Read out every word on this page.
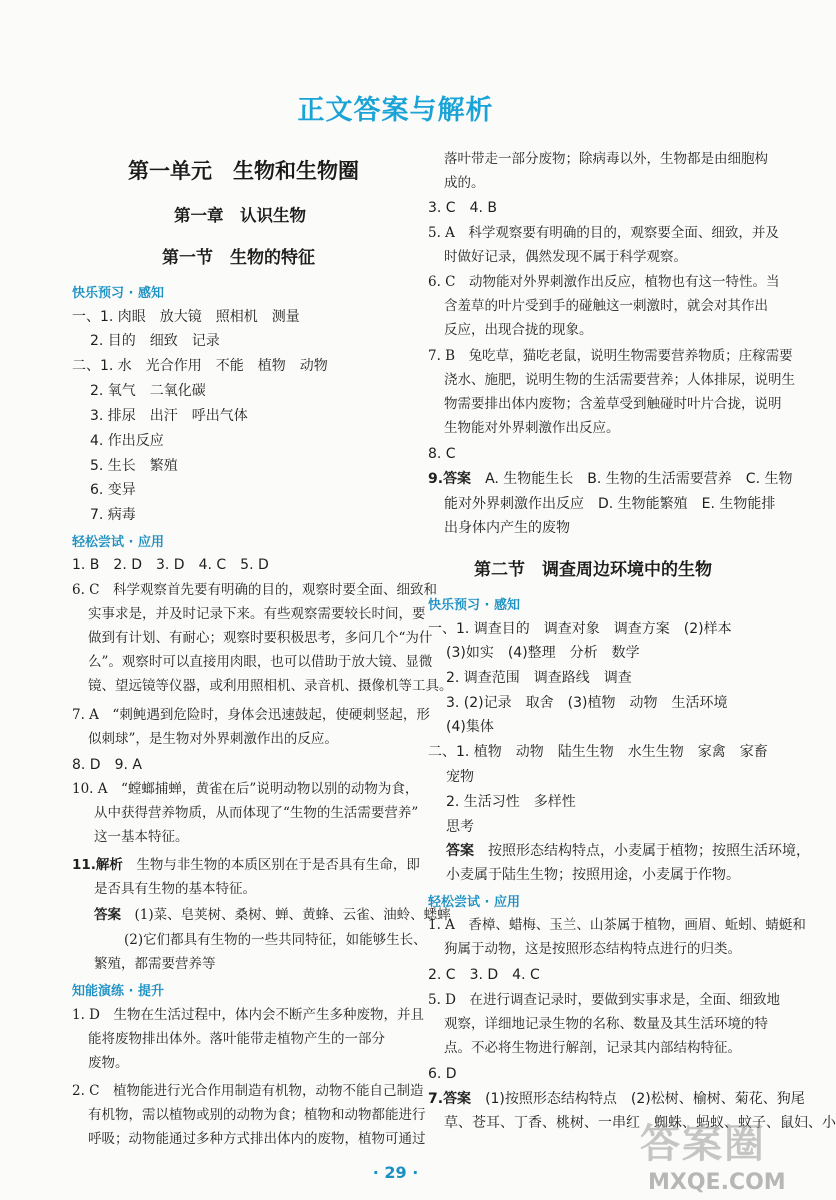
正文答案与解析
第一单元　生物和生物圈
第一章　认识生物
第一节　生物的特征
快乐预习 · 感知
一、1. 肉眼　放大镜　照相机　测量
2. 目的　细致　记录
二、1. 水　光合作用　不能　植物　动物
2. 氧气　二氧化碳
3. 排尿　出汗　呼出气体
4. 作出反应
5. 生长　繁殖
6. 变异
7. 病毒
轻松尝试 · 应用
1. B　2. D　3. D　4. C　5. D
6. C　科学观察首先要有明确的目的，观察时要全面、细致和
实事求是，并及时记录下来。有些观察需要较长时间，要
做到有计划、有耐心；观察时要积极思考，多问几个“为什
么”。观察时可以直接用肉眼，也可以借助于放大镜、显微
镜、望远镜等仪器，或利用照相机、录音机、摄像机等工具。
7. A　“刺鲀遇到危险时，身体会迅速鼓起，使硬刺竖起，形
似刺球”，是生物对外界刺激作出的反应。
8. D　9. A
10. A　“螳螂捕蝉，黄雀在后”说明动物以别的动物为食，
从中获得营养物质，从而体现了“生物的生活需要营养”
这一基本特征。
11.解析　 生物与非生物的本质区别在于是否具有生命，即
是否具有生物的基本特征。
答案　 (1)菜、皂荚树、桑树、蝉、黄蜂、云雀、油蛉、蟋蟀
(2)它们都具有生物的一些共同特征，如能够生长、
繁殖，都需要营养等
知能演练 · 提升
1. D　生物在生活过程中，体内会不断产生多种废物，并且
能将废物排出体外。落叶能带走植物产生的一部分
废物。
2. C　植物能进行光合作用制造有机物，动物不能自己制造
有机物，需以植物或别的动物为食；植物和动物都能进行
呼吸；动物能通过多种方式排出体内的废物，植物可通过
落叶带走一部分废物；除病毒以外，生物都是由细胞构
成的。
3. C　4. B
5. A　科学观察要有明确的目的，观察要全面、细致，并及
时做好记录，偶然发现不属于科学观察。
6. C　动物能对外界刺激作出反应，植物也有这一特性。当
含羞草的叶片受到手的碰触这一刺激时，就会对其作出
反应，出现合拢的现象。
7. B　兔吃草，猫吃老鼠，说明生物需要营养物质；庄稼需要
浇水、施肥，说明生物的生活需要营养；人体排尿，说明生
物需要排出体内废物；含羞草受到触碰时叶片合拢，说明
生物能对外界刺激作出反应。
8. C
9.答案　 A. 生物能生长　B. 生物的生活需要营养　C. 生物
能对外界刺激作出反应　D. 生物能繁殖　E. 生物能排
出身体内产生的废物
第二节　调查周边环境中的生物
快乐预习 · 感知
一、1. 调查目的　调查对象　调查方案　(2)样本
(3)如实　(4)整理　分析　数学
2. 调查范围　调查路线　调查
3. (2)记录　取舍　(3)植物　动物　生活环境
(4)集体
二、1. 植物　动物　陆生生物　水生生物　家禽　家畜
宠物
2. 生活习性　多样性
思考
答案　 按照形态结构特点，小麦属于植物；按照生活环境，
小麦属于陆生生物；按照用途，小麦属于作物。
轻松尝试 · 应用
1. A　香樟、蜡梅、玉兰、山茶属于植物，画眉、蚯蚓、蜻蜓和
狗属于动物，这是按照形态结构特点进行的归类。
2. C　3. D　4. C
5. D　在进行调查记录时，要做到实事求是，全面、细致地
观察，详细地记录生物的名称、数量及其生活环境的特
点。不必将生物进行解剖，记录其内部结构特征。
6. D
7.答案　 (1)按照形态结构特点　(2)松树、榆树、菊花、狗尾
草、苍耳、丁香、桃树、一串红　蜘蛛、蚂蚁、蚊子、鼠妇、小
· 29 ·
答案圈
MXQE.COM
